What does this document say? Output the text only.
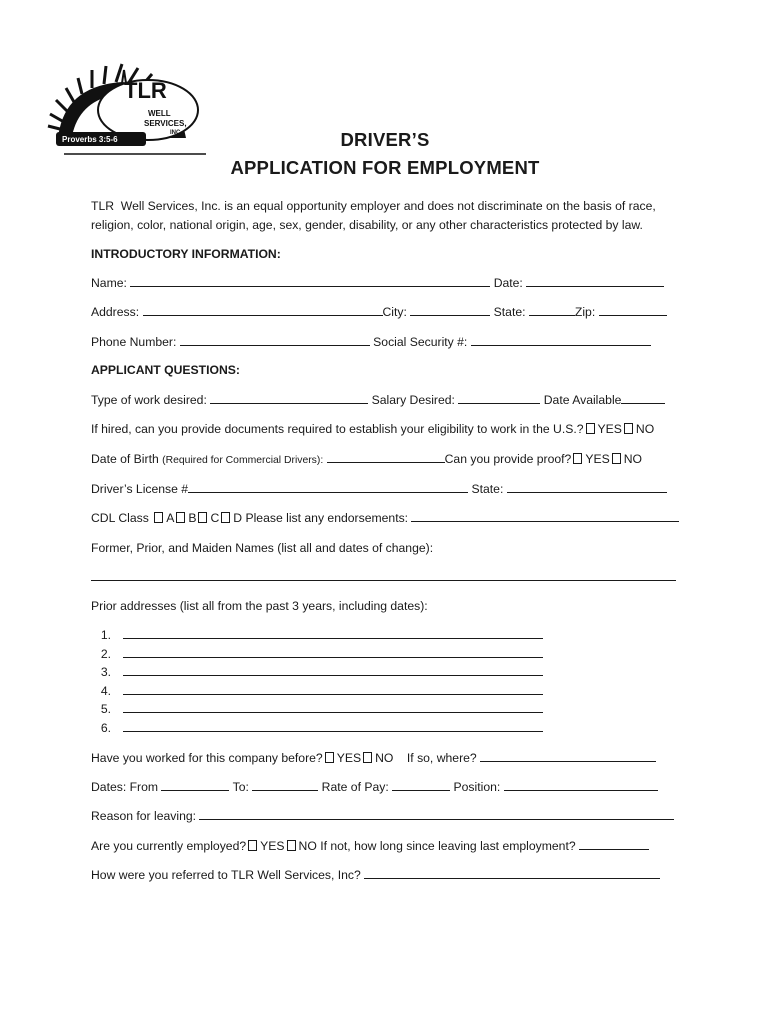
TLR
WELL
SERVICES,
INC.
Proverbs 3:5-6	DRIVER’S
APPLICATION FOR EMPLOYMENT
TLR  Well Services, Inc. is an equal opportunity employer and does not discriminate on the basis of race,
religion, color, national origin, age, sex, gender, disability, or any other characteristics protected by law.
INTRODUCTORY INFORMATION:
Name:	Date:
Address:	City:	State:	Zip:
Phone Number:	Social Security #:
APPLICANT QUESTIONS:
Type of work desired:	Salary Desired:	Date Available
If hired, can you provide documents required to establish your eligibility to work in the U.S.? YES NO
Date of Birth (Required for Commercial Drivers):	Can you provide proof? YES NO
Driver’s License #	State:
CDL Class A B C D Please list any endorsements:
Former, Prior, and Maiden Names (list all and dates of change):
Prior addresses (list all from the past 3 years, including dates):
1.
2.
3.
4.
5.
6.
Have you worked for this company before? YES NO If so, where?
Dates: From	To:	Rate of Pay:	Position:
Reason for leaving:
Are you currently employed? YES NO If not, how long since leaving last employment?
How were you referred to TLR Well Services, Inc?
